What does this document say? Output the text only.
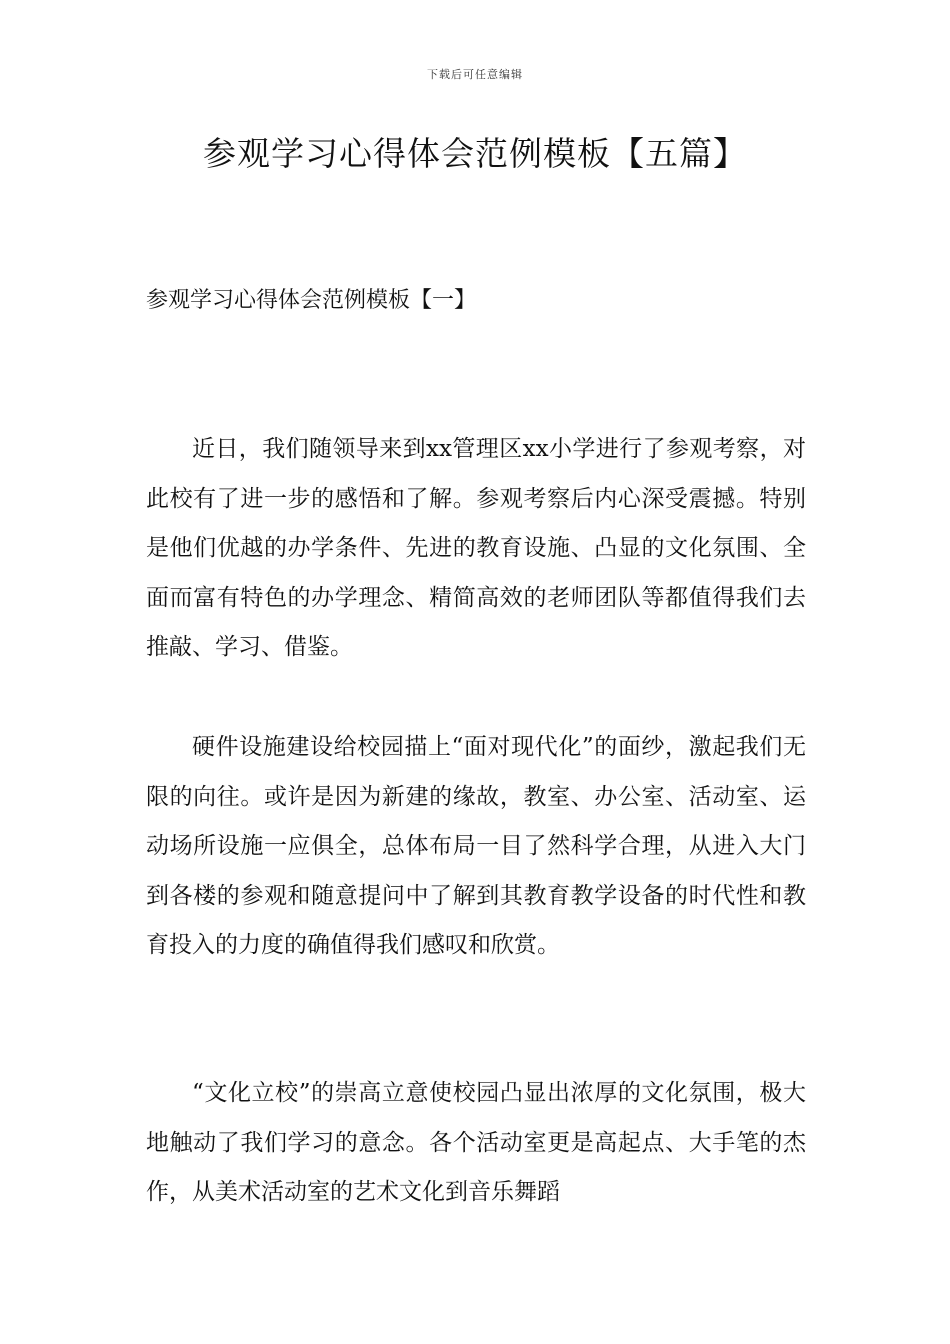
下载后可任意编辑
参观学习心得体会范例模板【五篇】
参观学习心得体会范例模板【一】

近日，我们随领导来到xx管理区xx小学进行了参观考察，对此校有了进一步的感悟和了解。参观考察后内心深受震撼。特别是他们优越的办学条件、先进的教育设施、凸显的文化氛围、全面而富有特色的办学理念、精简高效的老师团队等都值得我们去推敲、学习、借鉴。

硬件设施建设给校园描上“面对现代化”的面纱，激起我们无限的向往。或许是因为新建的缘故，教室、办公室、活动室、运动场所设施一应俱全，总体布局一目了然科学合理，从进入大门到各楼的参观和随意提问中了解到其教育教学设备的时代性和教育投入的力度的确值得我们感叹和欣赏。

“文化立校”的崇高立意使校园凸显出浓厚的文化氛围，极大地触动了我们学习的意念。各个活动室更是高起点、大手笔的杰作，从美术活动室的艺术文化到音乐舞蹈
